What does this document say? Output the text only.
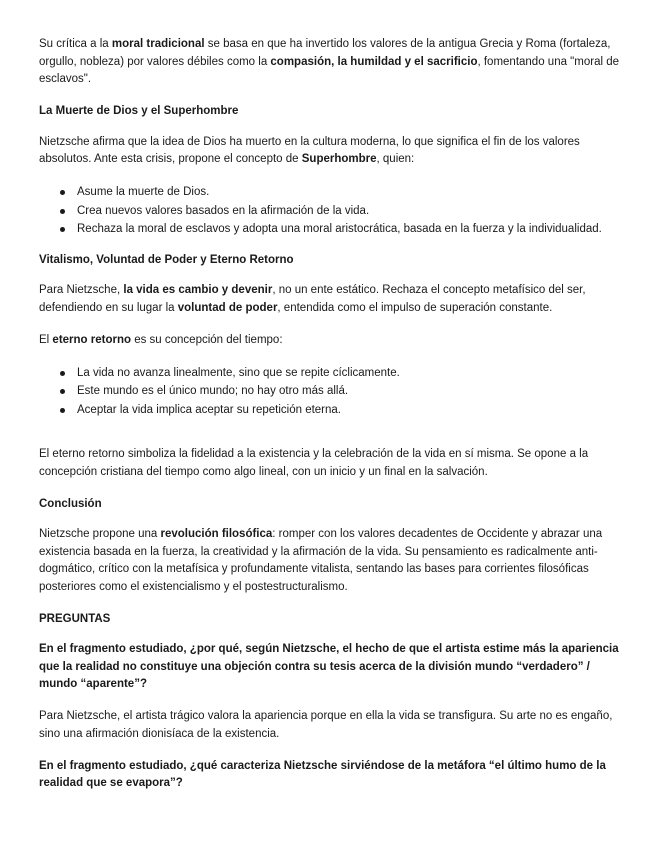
Su crítica a la moral tradicional se basa en que ha invertido los valores de la antigua Grecia y Roma (fortaleza, orgullo, nobleza) por valores débiles como la compasión, la humildad y el sacrificio, fomentando una "moral de esclavos".

La Muerte de Dios y el Superhombre

Nietzsche afirma que la idea de Dios ha muerto en la cultura moderna, lo que significa el fin de los valores absolutos. Ante esta crisis, propone el concepto de Superhombre, quien:

Asume la muerte de Dios.
Crea nuevos valores basados en la afirmación de la vida.
Rechaza la moral de esclavos y adopta una moral aristocrática, basada en la fuerza y la individualidad.
Vitalismo, Voluntad de Poder y Eterno Retorno

Para Nietzsche, la vida es cambio y devenir, no un ente estático. Rechaza el concepto metafísico del ser, defendiendo en su lugar la voluntad de poder, entendida como el impulso de superación constante.

El eterno retorno es su concepción del tiempo:

La vida no avanza linealmente, sino que se repite cíclicamente.
Este mundo es el único mundo; no hay otro más allá.
Aceptar la vida implica aceptar su repetición eterna.

El eterno retorno simboliza la fidelidad a la existencia y la celebración de la vida en sí misma. Se opone a la concepción cristiana del tiempo como algo lineal, con un inicio y un final en la salvación.

Conclusión

Nietzsche propone una revolución filosófica: romper con los valores decadentes de Occidente y abrazar una existencia basada en la fuerza, la creatividad y la afirmación de la vida. Su pensamiento es radicalmente anti-dogmático, crítico con la metafísica y profundamente vitalista, sentando las bases para corrientes filosóficas posteriores como el existencialismo y el postestructuralismo.

PREGUNTAS

En el fragmento estudiado, ¿por qué, según Nietzsche, el hecho de que el artista estime más la apariencia que la realidad no constituye una objeción contra su tesis acerca de la división mundo “verdadero” / mundo “aparente”?

Para Nietzsche, el artista trágico valora la apariencia porque en ella la vida se transfigura. Su arte no es engaño, sino una afirmación dionisíaca de la existencia.

En el fragmento estudiado, ¿qué caracteriza Nietzsche sirviéndose de la metáfora “el último humo de la realidad que se evapora”?
